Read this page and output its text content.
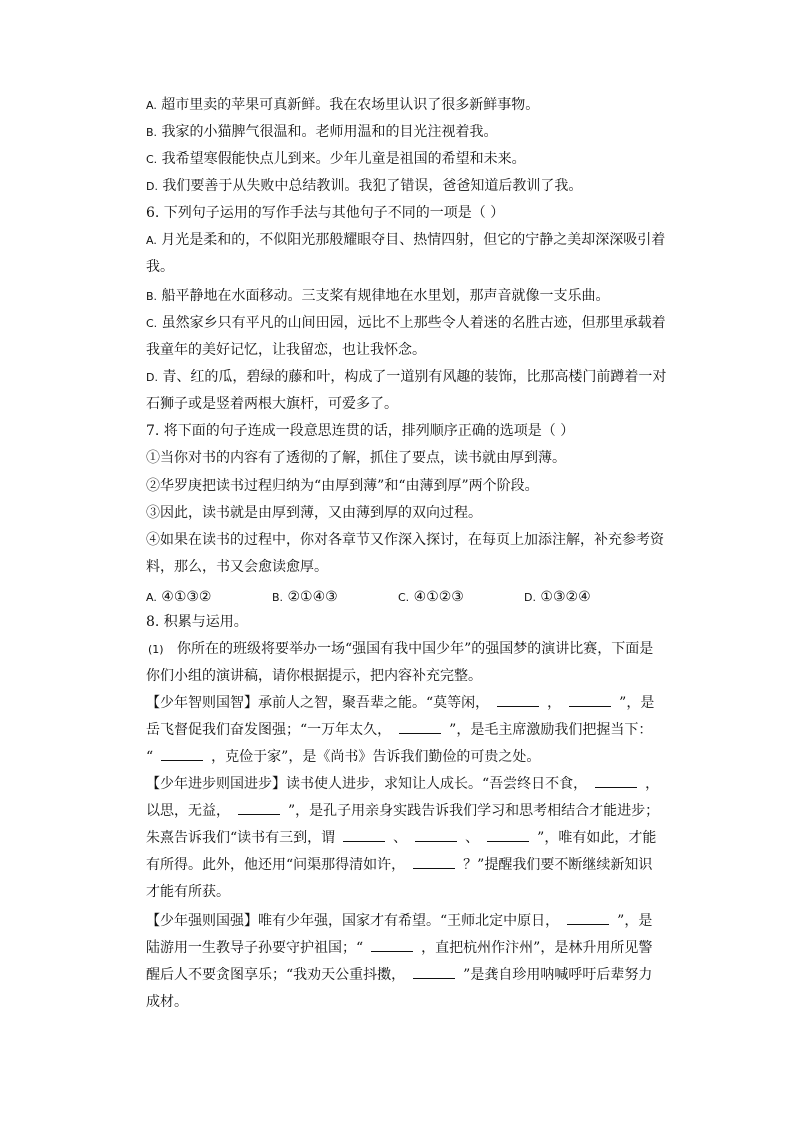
A. 超市里卖的苹果可真新鲜。我在农场里认识了很多新鲜事物。
B. 我家的小猫脾气很温和。老师用温和的目光注视着我。
C. 我希望寒假能快点儿到来。少年儿童是祖国的希望和未来。
D. 我们要善于从失败中总结教训。我犯了错误，爸爸知道后教训了我。
6. 下列句子运用的写作手法与其他句子不同的一项是（ ）
A. 月光是柔和的，不似阳光那般耀眼夺目、热情四射，但它的宁静之美却深深吸引着
我。
B. 船平静地在水面移动。三支桨有规律地在水里划，那声音就像一支乐曲。
C. 虽然家乡只有平凡的山间田园，远比不上那些令人着迷的名胜古迹，但那里承载着
我童年的美好记忆，让我留恋，也让我怀念。
D. 青、红的瓜，碧绿的藤和叶，构成了一道别有风趣的装饰，比那高楼门前蹲着一对
石狮子或是竖着两根大旗杆，可爱多了。
7. 将下面的句子连成一段意思连贯的话，排列顺序正确的选项是（ ）
①当你对书的内容有了透彻的了解，抓住了要点，读书就由厚到薄。
②华罗庚把读书过程归纳为“由厚到薄”和“由薄到厚”两个阶段。
③因此，读书就是由厚到薄，又由薄到厚的双向过程。
④如果在读书的过程中，你对各章节又作深入探讨，在每页上加添注解，补充参考资
料，那么，书又会愈读愈厚。
A. ④①③②	B. ②①④③	C. ④①②③	D. ①③②④
8. 积累与运用。
(1) 你所在的班级将要举办一场“强国有我中国少年”的强国梦的演讲比赛，下面是
你们小组的演讲稿，请你根据提示，把内容补充完整。
【少年智则国智】承前人之智，聚吾辈之能。“莫等闲，	，	”，是
岳飞督促我们奋发图强；“一万年太久，	”，是毛主席激励我们把握当下：
“	，克俭于家”，是《尚书》告诉我们勤俭的可贵之处。
【少年进步则国进步】读书使人进步，求知让人成长。“吾尝终日不食，	，
以思，无益，	”，是孔子用亲身实践告诉我们学习和思考相结合才能进步；
朱熹告诉我们“读书有三到，谓	、	、	”，唯有如此，才能
有所得。此外，他还用“问渠那得清如许，	？”提醒我们要不断继续新知识
才能有所获。
【少年强则国强】唯有少年强，国家才有希望。“王师北定中原日，	”，是
陆游用一生教导子孙要守护祖国；“	，直把杭州作汴州”，是林升用所见警
醒后人不要贪图享乐；“我劝天公重抖擞，	”是龚自珍用呐喊呼吁后辈努力
成材。
